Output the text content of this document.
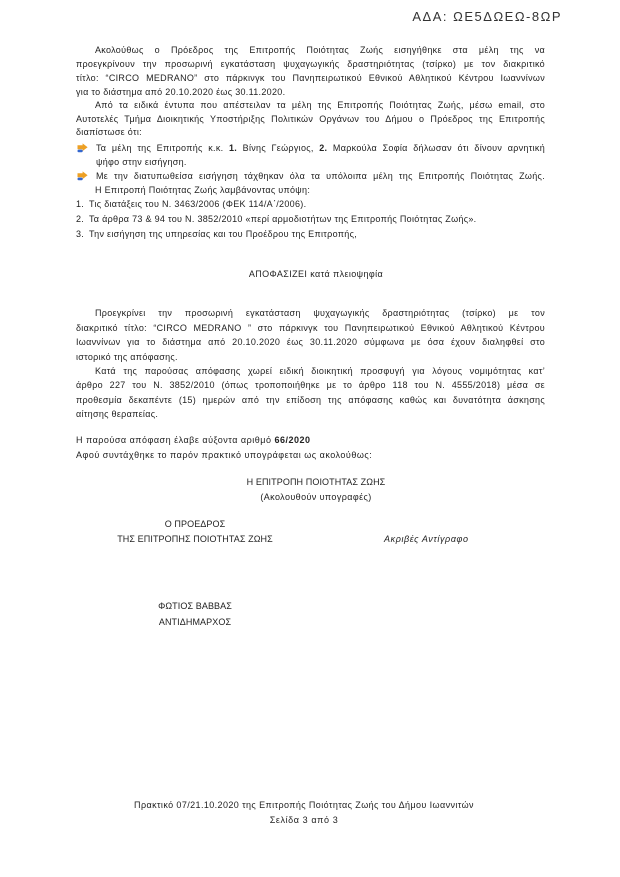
ΑΔΑ: ΩΕ5ΔΩΕΩ-8ΩΡ
Ακολούθως ο Πρόεδρος της Επιτροπής Ποιότητας Ζωής εισηγήθηκε στα μέλη της να
προεγκρίνουν την προσωρινή εγκατάσταση ψυχαγωγικής δραστηριότητας (τσίρκο) με τον διακριτικό
τίτλο: “CIRCO MEDRANO” στο πάρκινγκ του Πανηπειρωτικού Εθνικού Αθλητικού Κέντρου Ιωαννίνων
για το διάστημα από 20.10.2020 έως 30.11.2020.
Από τα ειδικά έντυπα που απέστειλαν τα μέλη της Επιτροπής Ποιότητας Ζωής, μέσω email, στο
Αυτοτελές Τμήμα Διοικητικής Υποστήριξης Πολιτικών Οργάνων του Δήμου ο Πρόεδρος της Επιτροπής
διαπίστωσε ότι:
Τα μέλη της Επιτροπής κ.κ. 1. Βίνης Γεώργιος, 2. Μαρκούλα Σοφία δήλωσαν ότι δίνουν αρνητική
ψήφο στην εισήγηση.
Με την διατυπωθείσα εισήγηση τάχθηκαν όλα τα υπόλοιπα μέλη της Επιτροπής Ποιότητας Ζωής.
Η Επιτροπή Ποιότητας Ζωής λαμβάνοντας υπόψη:
1. Τις διατάξεις του Ν. 3463/2006 (ΦΕΚ 114/Α΄/2006).
2. Τα άρθρα 73 & 94 του Ν. 3852/2010 «περί αρμοδιοτήτων της Επιτροπής Ποιότητας Ζωής».
3. Την εισήγηση της υπηρεσίας και του Προέδρου της Επιτροπής,
ΑΠΟΦΑΣΙΖΕΙ κατά πλειοψηφία
Προεγκρίνει την προσωρινή εγκατάσταση ψυχαγωγικής δραστηριότητας (τσίρκο) με τον
διακριτικό τίτλο: “CIRCO MEDRANO ” στο πάρκινγκ του Πανηπειρωτικού Εθνικού Αθλητικού Κέντρου
Ιωαννίνων για το διάστημα από 20.10.2020 έως 30.11.2020 σύμφωνα με όσα έχουν διαληφθεί στο
ιστορικό της απόφασης.
Κατά της παρούσας απόφασης χωρεί ειδική διοικητική προσφυγή για λόγους νομιμότητας κατ’
άρθρο 227 του Ν. 3852/2010 (όπως τροποποιήθηκε με το άρθρο 118 του Ν. 4555/2018) μέσα σε
προθεσμία δεκαπέντε (15) ημερών από την επίδοση της απόφασης καθώς και δυνατότητα άσκησης
αίτησης θεραπείας.
Η παρούσα απόφαση έλαβε αύξοντα αριθμό 66/2020
Αφού συντάχθηκε το παρόν πρακτικό υπογράφεται ως ακολούθως:
Η ΕΠΙΤΡΟΠΗ ΠΟΙΟΤΗΤΑΣ ΖΩΗΣ
(Ακολουθούν υπογραφές)
Ο ΠΡΟΕΔΡΟΣ
ΤΗΣ ΕΠΙΤΡΟΠΗΣ ΠΟΙΟΤΗΤΑΣ ΖΩΗΣ	Ακριβές Αντίγραφο
ΦΩΤΙΟΣ ΒΑΒΒΑΣ
ΑΝΤΙΔΗΜΑΡΧΟΣ
Πρακτικό 07/21.10.2020 της Επιτροπής Ποιότητας Ζωής του Δήμου Ιωαννιτών
Σελίδα 3 από 3
